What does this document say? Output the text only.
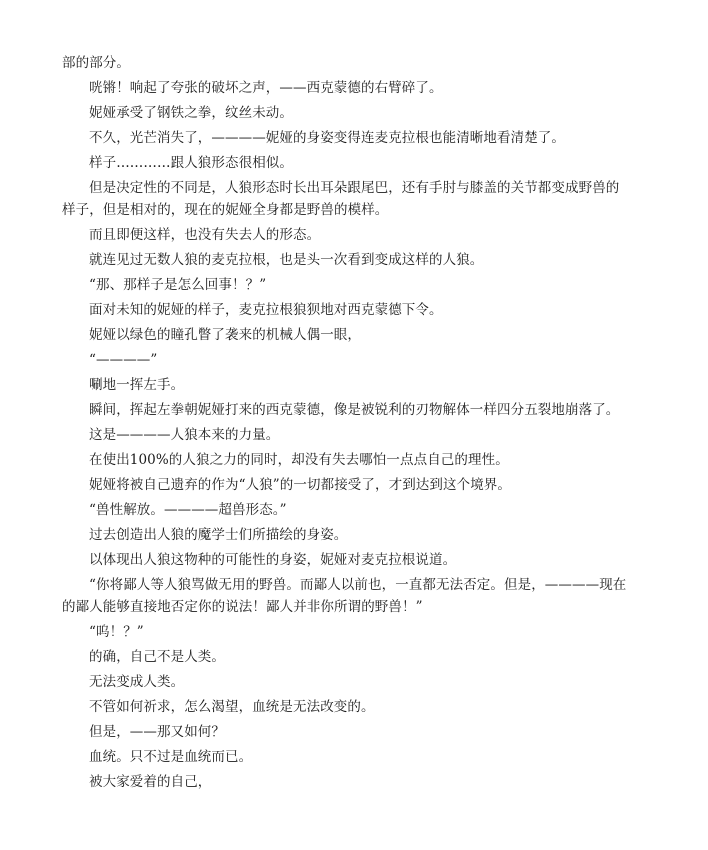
部的部分。

咣锵！响起了夸张的破坏之声，——西克蒙德的右臂碎了。

妮娅承受了钢铁之拳，纹丝未动。

不久，光芒消失了，————妮娅的身姿变得连麦克拉根也能清晰地看清楚了。

样子…………跟人狼形态很相似。

但是决定性的不同是，人狼形态时长出耳朵跟尾巴，还有手肘与膝盖的关节都变成野兽的样子，但是相对的，现在的妮娅全身都是野兽的模样。

而且即便这样，也没有失去人的形态。

就连见过无数人狼的麦克拉根，也是头一次看到变成这样的人狼。

“那、那样子是怎么回事！？”

面对未知的妮娅的样子，麦克拉根狼狈地对西克蒙德下令。

妮娅以绿色的瞳孔瞥了袭来的机械人偶一眼，

“————”

唰地一挥左手。

瞬间，挥起左拳朝妮娅打来的西克蒙德，像是被锐利的刃物解体一样四分五裂地崩落了。

这是————人狼本来的力量。

在使出100%的人狼之力的同时，却没有失去哪怕一点点自己的理性。

妮娅将被自己遗弃的作为“人狼”的一切都接受了，才到达到这个境界。

“兽性解放。————超兽形态。”

过去创造出人狼的魔学士们所描绘的身姿。

以体现出人狼这物种的可能性的身姿，妮娅对麦克拉根说道。

“你将鄙人等人狼骂做无用的野兽。而鄙人以前也，一直都无法否定。但是，————现在的鄙人能够直接地否定你的说法！鄙人并非你所谓的野兽！”

“呜！？”

的确，自己不是人类。

无法变成人类。

不管如何祈求，怎么渴望，血统是无法改变的。

但是，——那又如何？

血统。只不过是血统而已。

被大家爱着的自己，
